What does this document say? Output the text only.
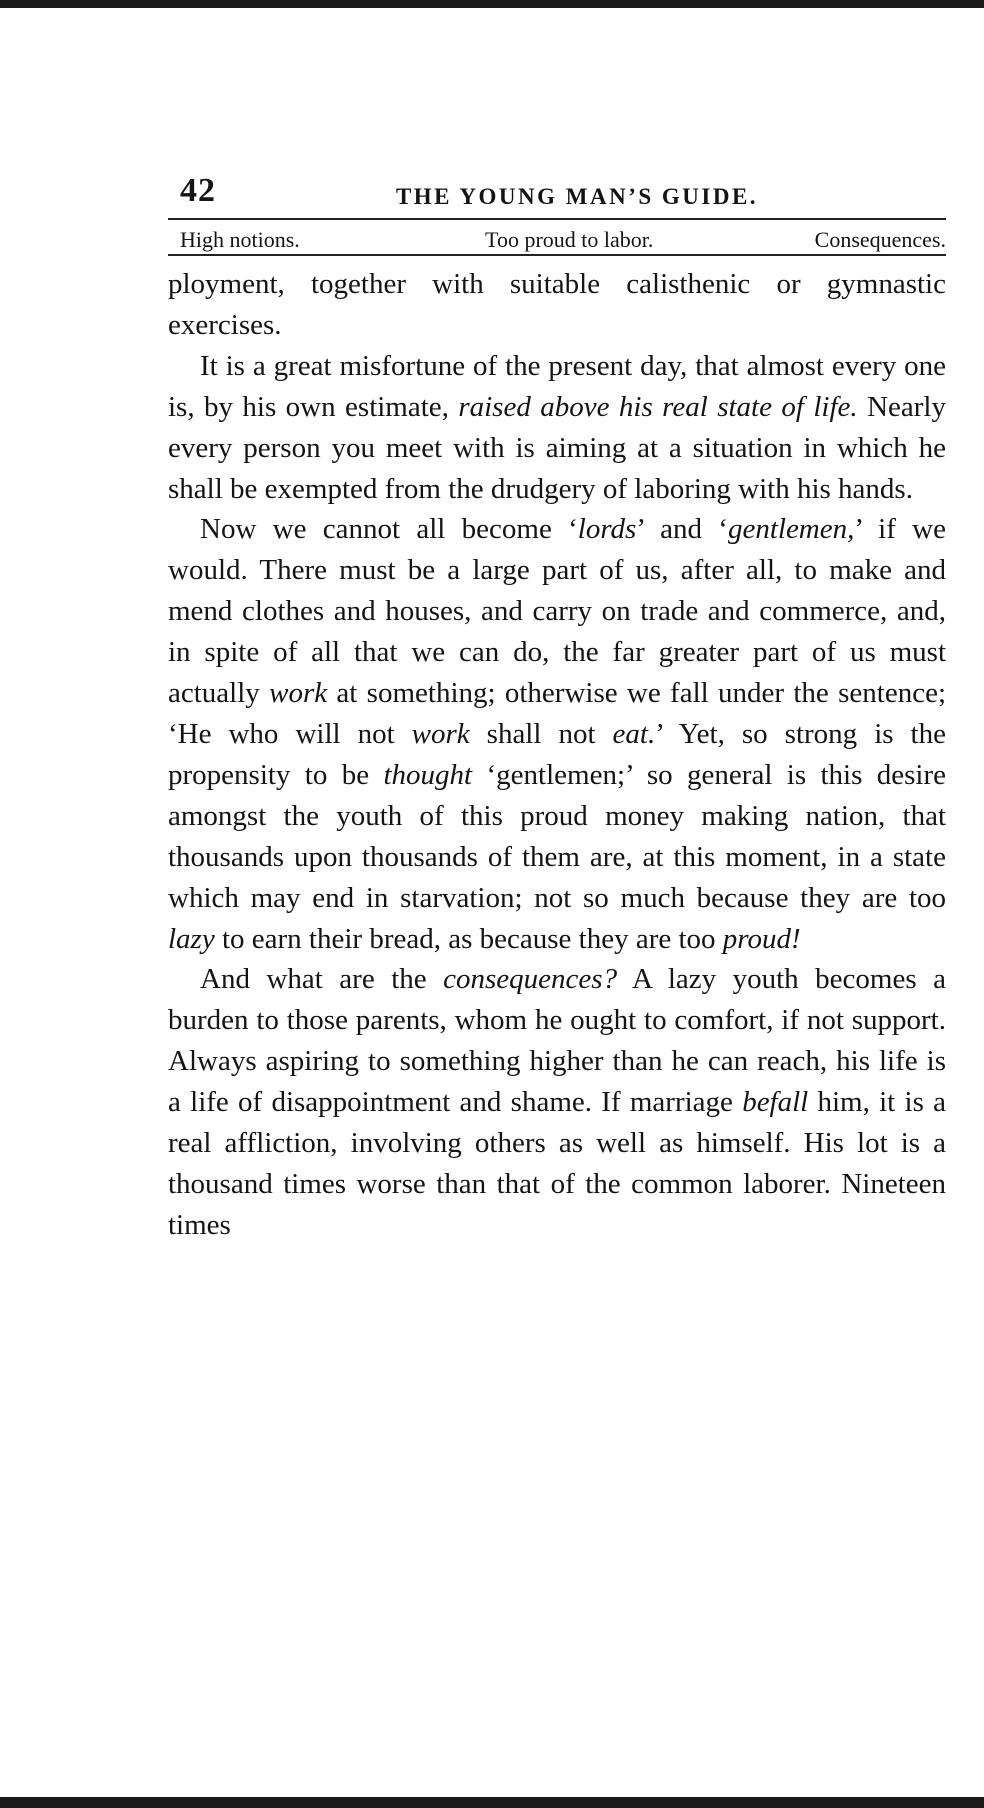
42	THE YOUNG MAN’S GUIDE.
High notions.	Too proud to labor.	Consequences.

ployment, together with suitable calisthenic or gymnastic exercises.

It is a great misfortune of the present day, that almost every one is, by his own estimate, raised above his real state of life. Nearly every person you meet with is aiming at a situation in which he shall be exempted from the drudgery of laboring with his hands.

Now we cannot all become ‘lords’ and ‘gentlemen,’ if we would. There must be a large part of us, after all, to make and mend clothes and houses, and carry on trade and commerce, and, in spite of all that we can do, the far greater part of us must actually work at something; otherwise we fall under the sentence; ‘He who will not work shall not eat.’ Yet, so strong is the propensity to be thought ‘gentlemen;’ so general is this desire amongst the youth of this proud money making nation, that thousands upon thousands of them are, at this moment, in a state which may end in starvation; not so much because they are too lazy to earn their bread, as because they are too proud!

And what are the consequences? A lazy youth becomes a burden to those parents, whom he ought to comfort, if not support. Always aspiring to something higher than he can reach, his life is a life of disappointment and shame. If marriage befall him, it is a real affliction, involving others as well as himself. His lot is a thousand times worse than that of the common laborer. Nineteen times
